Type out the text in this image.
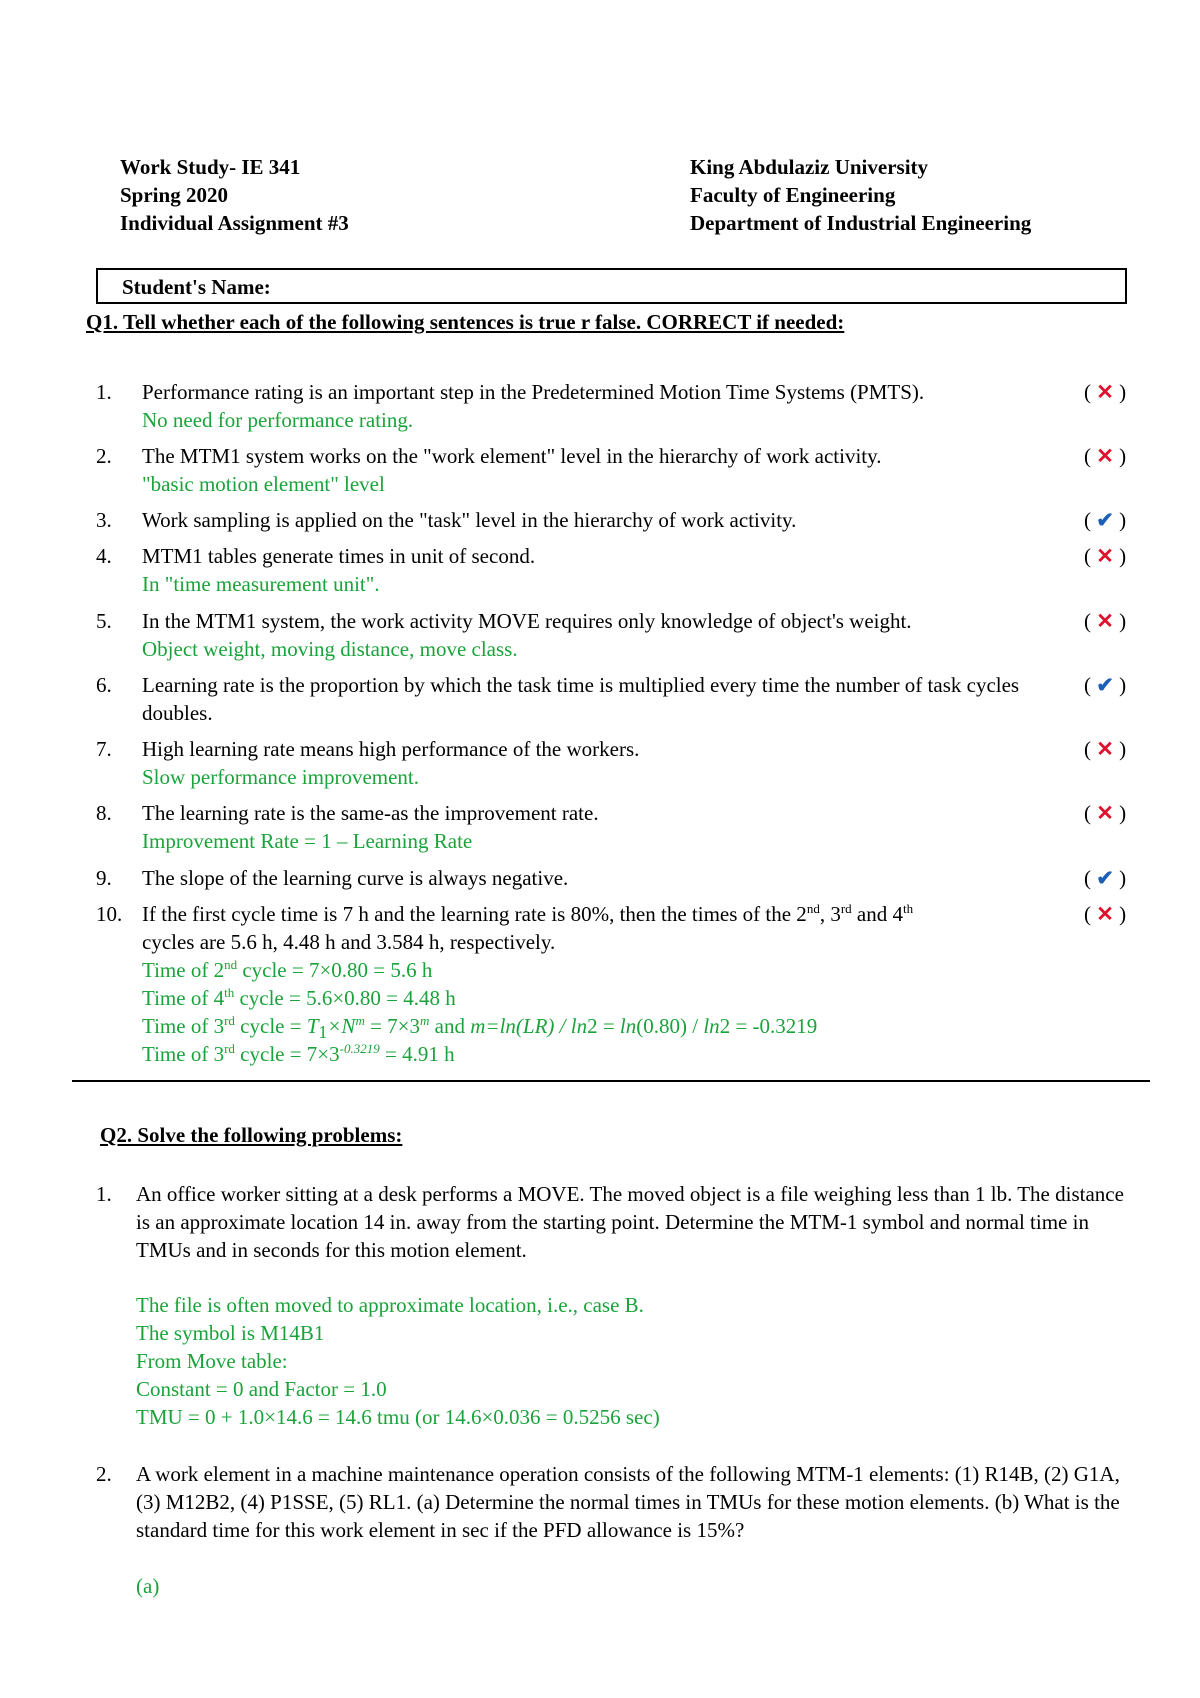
Work Study- IE 341
Spring 2020
Individual Assignment #3
King Abdulaziz University
Faculty of Engineering
Department of Industrial Engineering
Student's Name:
Q1. Tell whether each of the following sentences is true r false. CORRECT if needed:
1.	Performance rating is an important step in the Predetermined Motion Time Systems (PMTS).	( ✕ )
No need for performance rating.
2.	The MTM1 system works on the "work element" level in the hierarchy of work activity.	( ✕ )
"basic motion element" level
3.	Work sampling is applied on the "task" level in the hierarchy of work activity.	( ✔ )
4.	MTM1 tables generate times in unit of second.	( ✕ )
In "time measurement unit".
5.	In the MTM1 system, the work activity MOVE requires only knowledge of object's weight.	( ✕ )
Object weight, moving distance, move class.
6.	Learning rate is the proportion by which the task time is multiplied every time the number of task cycles doubles.
( ✔ )
7.	High learning rate means high performance of the workers.	( ✕ )
Slow performance improvement.
8.	The learning rate is the same-as the improvement rate.	( ✕ )
Improvement Rate = 1 – Learning Rate
9.	The slope of the learning curve is always negative.	( ✔ )
10. If the first cycle time is 7 h and the learning rate is 80%, then the times of the 2nd, 3rd and 4th	( ✕ )
cycles are 5.6 h, 4.48 h and 3.584 h, respectively.
Time of 2nd cycle = 7×0.80 = 5.6 h
Time of 4th cycle = 5.6×0.80 = 4.48 h
Time of 3rd cycle = $T_1\times N^m = 7\times 3^m$ and m=ln(LR) / ln2 = ln(0.80) / ln2 = -0.3219
Time of 3rd cycle = $7\times 3^{-0.3219} = 4.91$ h
Q2. Solve the following problems:
1.	An office worker sitting at a desk performs a MOVE. The moved object is a file weighing less than 1 lb. The distance is an approximate location 14 in. away from the starting point. Determine the MTM-1 symbol and normal time in TMUs and in seconds for this motion element.
The file is often moved to approximate location, i.e., case B.
The symbol is M14B1
From Move table:
Constant = 0 and Factor = 1.0
TMU = 0 + 1.0×14.6 = 14.6 tmu (or 14.6×0.036 = 0.5256 sec)
2.	A work element in a machine maintenance operation consists of the following MTM-1 elements: (1) R14B, (2) G1A, (3) M12B2, (4) P1SSE, (5) RL1. (a) Determine the normal times in TMUs for these motion elements. (b) What is the standard time for this work element in sec if the PFD allowance is 15%?
(a)
